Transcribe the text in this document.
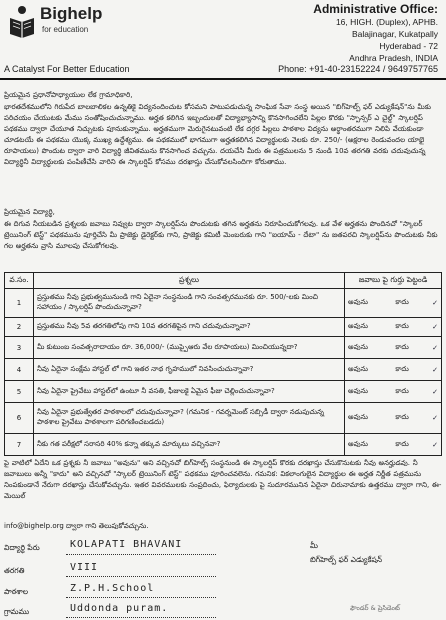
Bighelp
for education
A Catalyst For Better Education
Administrative Office:
16, HIGH. (Duplex), APHB.
Balajinagar, Kukatpally
Hyderabad - 72
Andhra Pradesh, INDIA
Phone: +91-40-23152224 / 9649757765
ప్రియమైన ప్రధానోపాధ్యాయుల లేక గ్రామాధికారి,
భారతదేశములోని గిరుపేద బాలబాలికల ఉన్నతికై విద్యనందించుట కోసమని పాటుపడుచున్న సాంఘిక సేవా సంస్థ అయిన "బిగ్‌హెల్ప్ ఫర్ ఎడ్యుకేషన్"ను మీకు పరిచయం చేయుటకు మేము సంతోషించుచున్నాము. అర్హత కలిగిన ఇబ్బందులతో విద్యాభ్యాసాన్ని కొనసాగించలేని పిల్లల కొరకు "స్పాన్సర్ ఎ చైల్డ్" స్కాలర్షిప్ పథకము ద్వారా చేయూత నిచ్చుటకు పూనుకున్నాము. అర్హతముగా మెరుగైనటువంటి లేక దగ్గర పిల్లలు పాఠశాల విద్యను అర్థాంతరముగా నిలిపి వేయకుండా చూడటయే ఈ పథకము యొక్క ముఖ్య ఉద్దేశ్యము. ఈ పథకములో భాగముగా అర్హతకలిగిన విద్యార్థులకు నెలకు రూ. 250/- (అక్షరాల రెండువందల యాభై రూపాయలు) పొందుట ద్వారా వారి విద్యార్థి జీవితమును కొనసాగించ వచ్చును. దయచేసి మీరు ఈ పత్రములను 5 నుండి 10వ తరగతి వరకు చదువుచున్న విద్యార్థినీ విద్యార్థులకు పంపిణీచేసి వారిని ఈ స్కాలర్షిప్ కోసము దరఖాస్తు చేసుకోవలసిందిగా కోరుతాము.
ప్రియమైన విద్యార్థి,
ఈ దిగువ నీయబడిన ప్రశ్నలకు జవాబు నివ్వుట ద్వారా స్కాలర్షిప్‌ను పొందుటకు తగిన అర్హతను నిరూపించుకోగలవు. ఒక వేళ అర్హతను పొందినచో "స్కాలర్ ట్రెయినింగ్ టెస్ట్" పథకమును పూర్తిచేసి మీ ప్రాజెక్టు డైరెక్టర్‌కు గాని, ప్రాజెక్టు కమిటీ మెంబరుకు గాని "ఐయామ్ - దేటా" ను జతపరచి స్కాలర్షిప్‌ను పొందుటకు నీకు గల అర్హతను వ్రాసి మూలపు చేసుకోగలవు.
వ.సం.	ప్రశ్నలు	జవాబు పై గుర్తు పెట్టండి
1	ప్రస్తుతము నీవు ప్రభుత్వమునుండి గాని ఏదైనా సంస్థనుండి గాని సంవత్సరమునకు రూ. 500/-లకు మించి సహాయం / స్కాలర్షిప్ పొందుచున్నావా?	అవును కాదు ✓

2	ప్రస్తుతము నీవు 5వ తరగతిలోపు గాని 10వ తరగతిపైన గాని చదువుచున్నావా?	అవును కాదు ✓

3	మీ కుటుంబ సంవత్సరాదాయం రూ. 36,000/- (ముప్పైఆరు వేల రూపాయలు) మించియున్నదా?	అవును కాదు ✓

4	నీవు ఏదైనా సంక్షేమ హాస్టల్ లో గాని ఇతర నాథ గృహములో నివసించుచున్నావా?	అవును కాదు ✓

5	నీవు ఏదైనా ప్రైవేటు హాస్టల్‌లో ఉంటూ నీ వసతి, ఫీజులకై ఏమైన ఫీజు చెల్లించుచున్నావా?	అవును కాదు ✓

6	నీవు ఏదైనా ప్రభుత్వేతర పాఠశాలలో చదువుచున్నావా? (గమనిక - గవర్నమెంట్ సబ్సిడీ ద్వారా నడుపుచున్న పాఠశాల ప్రైవేటు పాఠశాలగా పరిగణించబడదు)	అవును కాదు ✓

7	నీకు గత పరీక్షలో సరాసరి 40% కన్నా తక్కువ మార్కులు వచ్చినవా?	అవును కాదు ✓
పై వాటిలో ఏదేని ఒక ప్రశ్నకు నీ జవాబు "అవును" అని వచ్చినచో బిగ్‌హెల్ప్ సంస్థనుండి ఈ స్కాలర్షిప్ కొరకు దరఖాస్తు చేసుకొనుటకు నీవు అనర్హుడవు. నీ జవాబులు అన్నీ "కాదు" అని వచ్చినచో "స్కాలర్ ట్రెయినింగ్ టెస్ట్" పథకము పూరించవలెను. గమనిక: వికలాంగులైన విద్యార్థుల ఈ అర్హత నిర్ణీత పత్రమును నింపకుండానే నేరుగా దరఖాస్తు చేసుకోవచ్చును. ఇతర వివరములకు సంప్రదించు, ఫిర్యాదులకు పై సుదూరమునిన ఏదైనా చిరునామాకు ఉత్తరము ద్వారా గాని, ఈ-మెయిల్
info@bighelp.org ద్వారా గాని తెలుపుకోవచ్చును.
విద్యార్థి పేరు	KOLAPATI BHAVANI
తరగతి	VIII
పాఠశాల	Z.P.H.School
గ్రామము	Uddonda puram.
మీ
బిగ్‌హెల్ప్ ఫర్ ఎడ్యుకేషన్
ఫౌండర్ & ప్రెసిడెంట్
